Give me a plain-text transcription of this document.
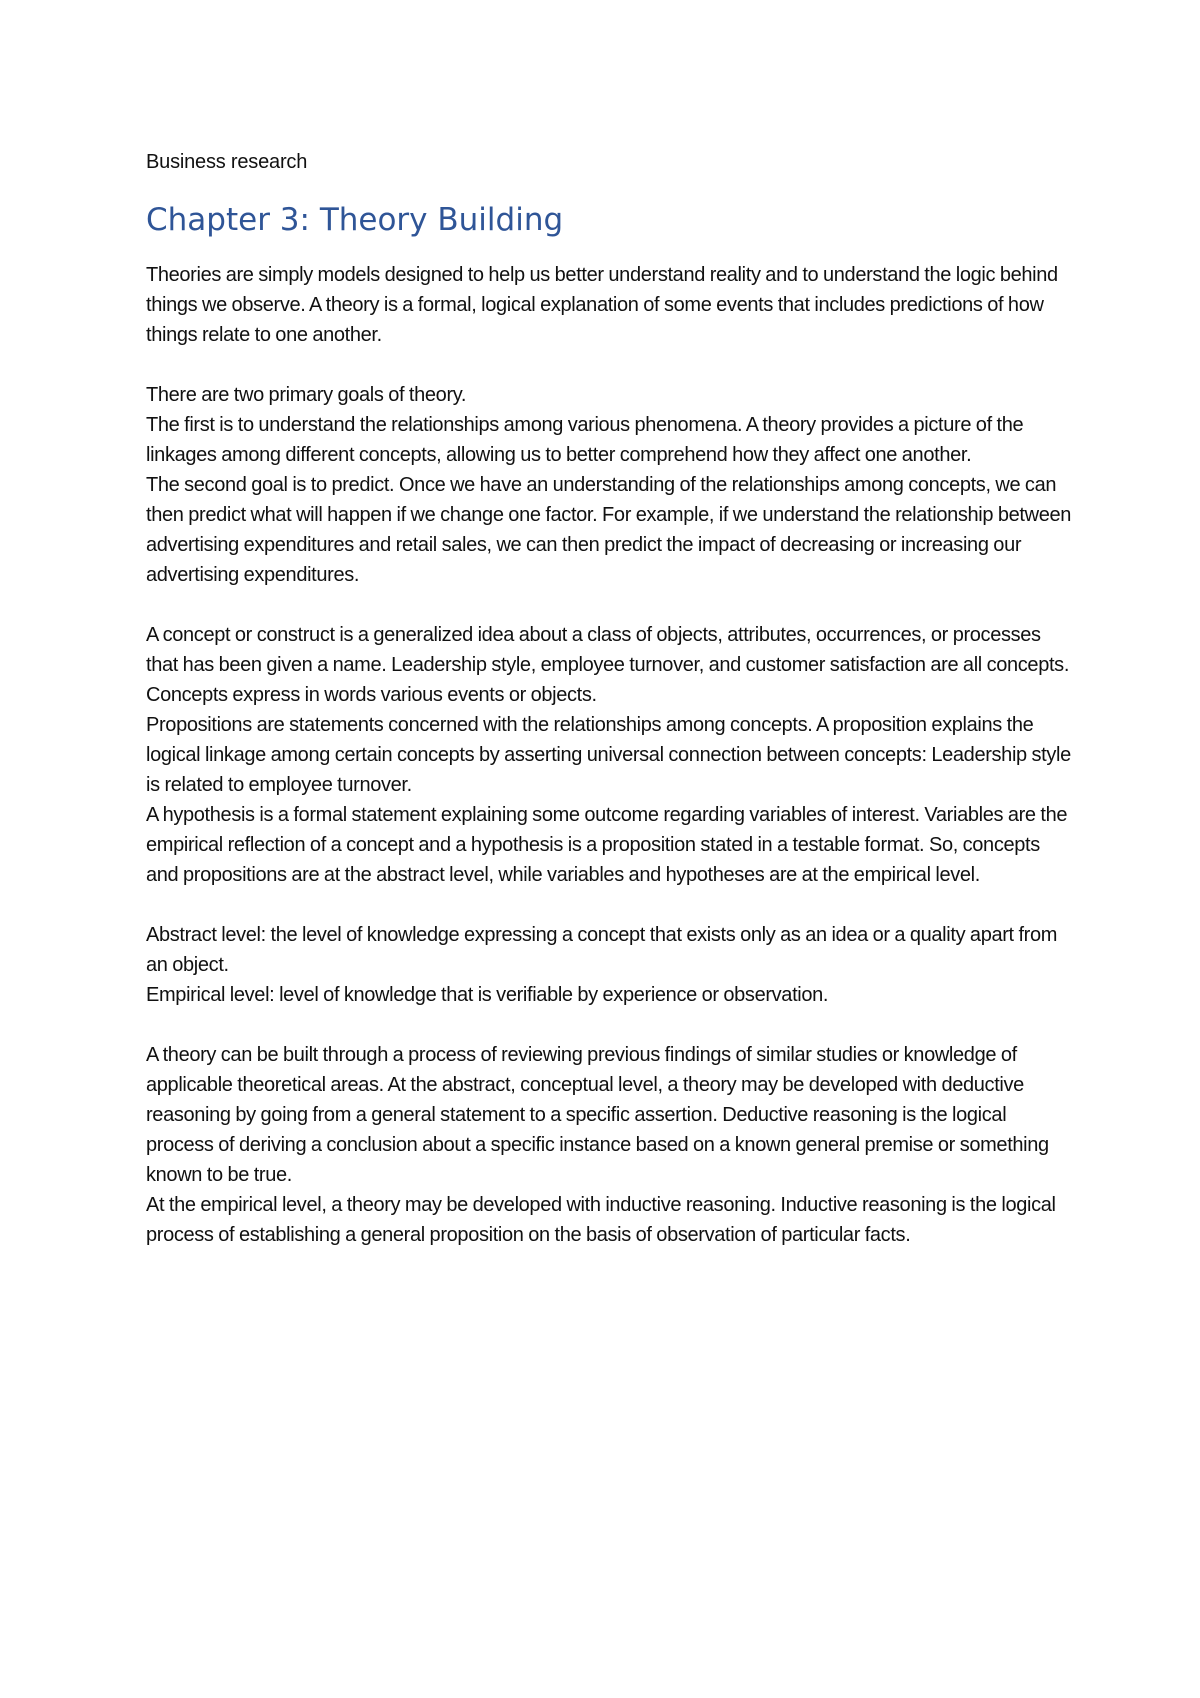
Business research
Chapter 3: Theory Building

Theories are simply models designed to help us better understand reality and to understand the logic behind things we observe. A theory is a formal, logical explanation of some events that includes predictions of how things relate to one another.

There are two primary goals of theory.

The first is to understand the relationships among various phenomena. A theory provides a picture of the linkages among different concepts, allowing us to better comprehend how they affect one another.

The second goal is to predict. Once we have an understanding of the relationships among concepts, we can then predict what will happen if we change one factor. For example, if we understand the relationship between advertising expenditures and retail sales, we can then predict the impact of decreasing or increasing our advertising expenditures.

A concept or construct is a generalized idea about a class of objects, attributes, occurrences, or processes that has been given a name. Leadership style, employee turnover, and customer satisfaction are all concepts. Concepts express in words various events or objects.

Propositions are statements concerned with the relationships among concepts. A proposition explains the logical linkage among certain concepts by asserting universal connection between concepts: Leadership style is related to employee turnover.

A hypothesis is a formal statement explaining some outcome regarding variables of interest. Variables are the empirical reflection of a concept and a hypothesis is a proposition stated in a testable format. So, concepts and propositions are at the abstract level, while variables and hypotheses are at the empirical level.

Abstract level: the level of knowledge expressing a concept that exists only as an idea or a quality apart from an object.

Empirical level: level of knowledge that is verifiable by experience or observation.

A theory can be built through a process of reviewing previous findings of similar studies or knowledge of applicable theoretical areas. At the abstract, conceptual level, a theory may be developed with deductive reasoning by going from a general statement to a specific assertion. Deductive reasoning is the logical process of deriving a conclusion about a specific instance based on a known general premise or something known to be true.

At the empirical level, a theory may be developed with inductive reasoning. Inductive reasoning is the logical process of establishing a general proposition on the basis of observation of particular facts.
